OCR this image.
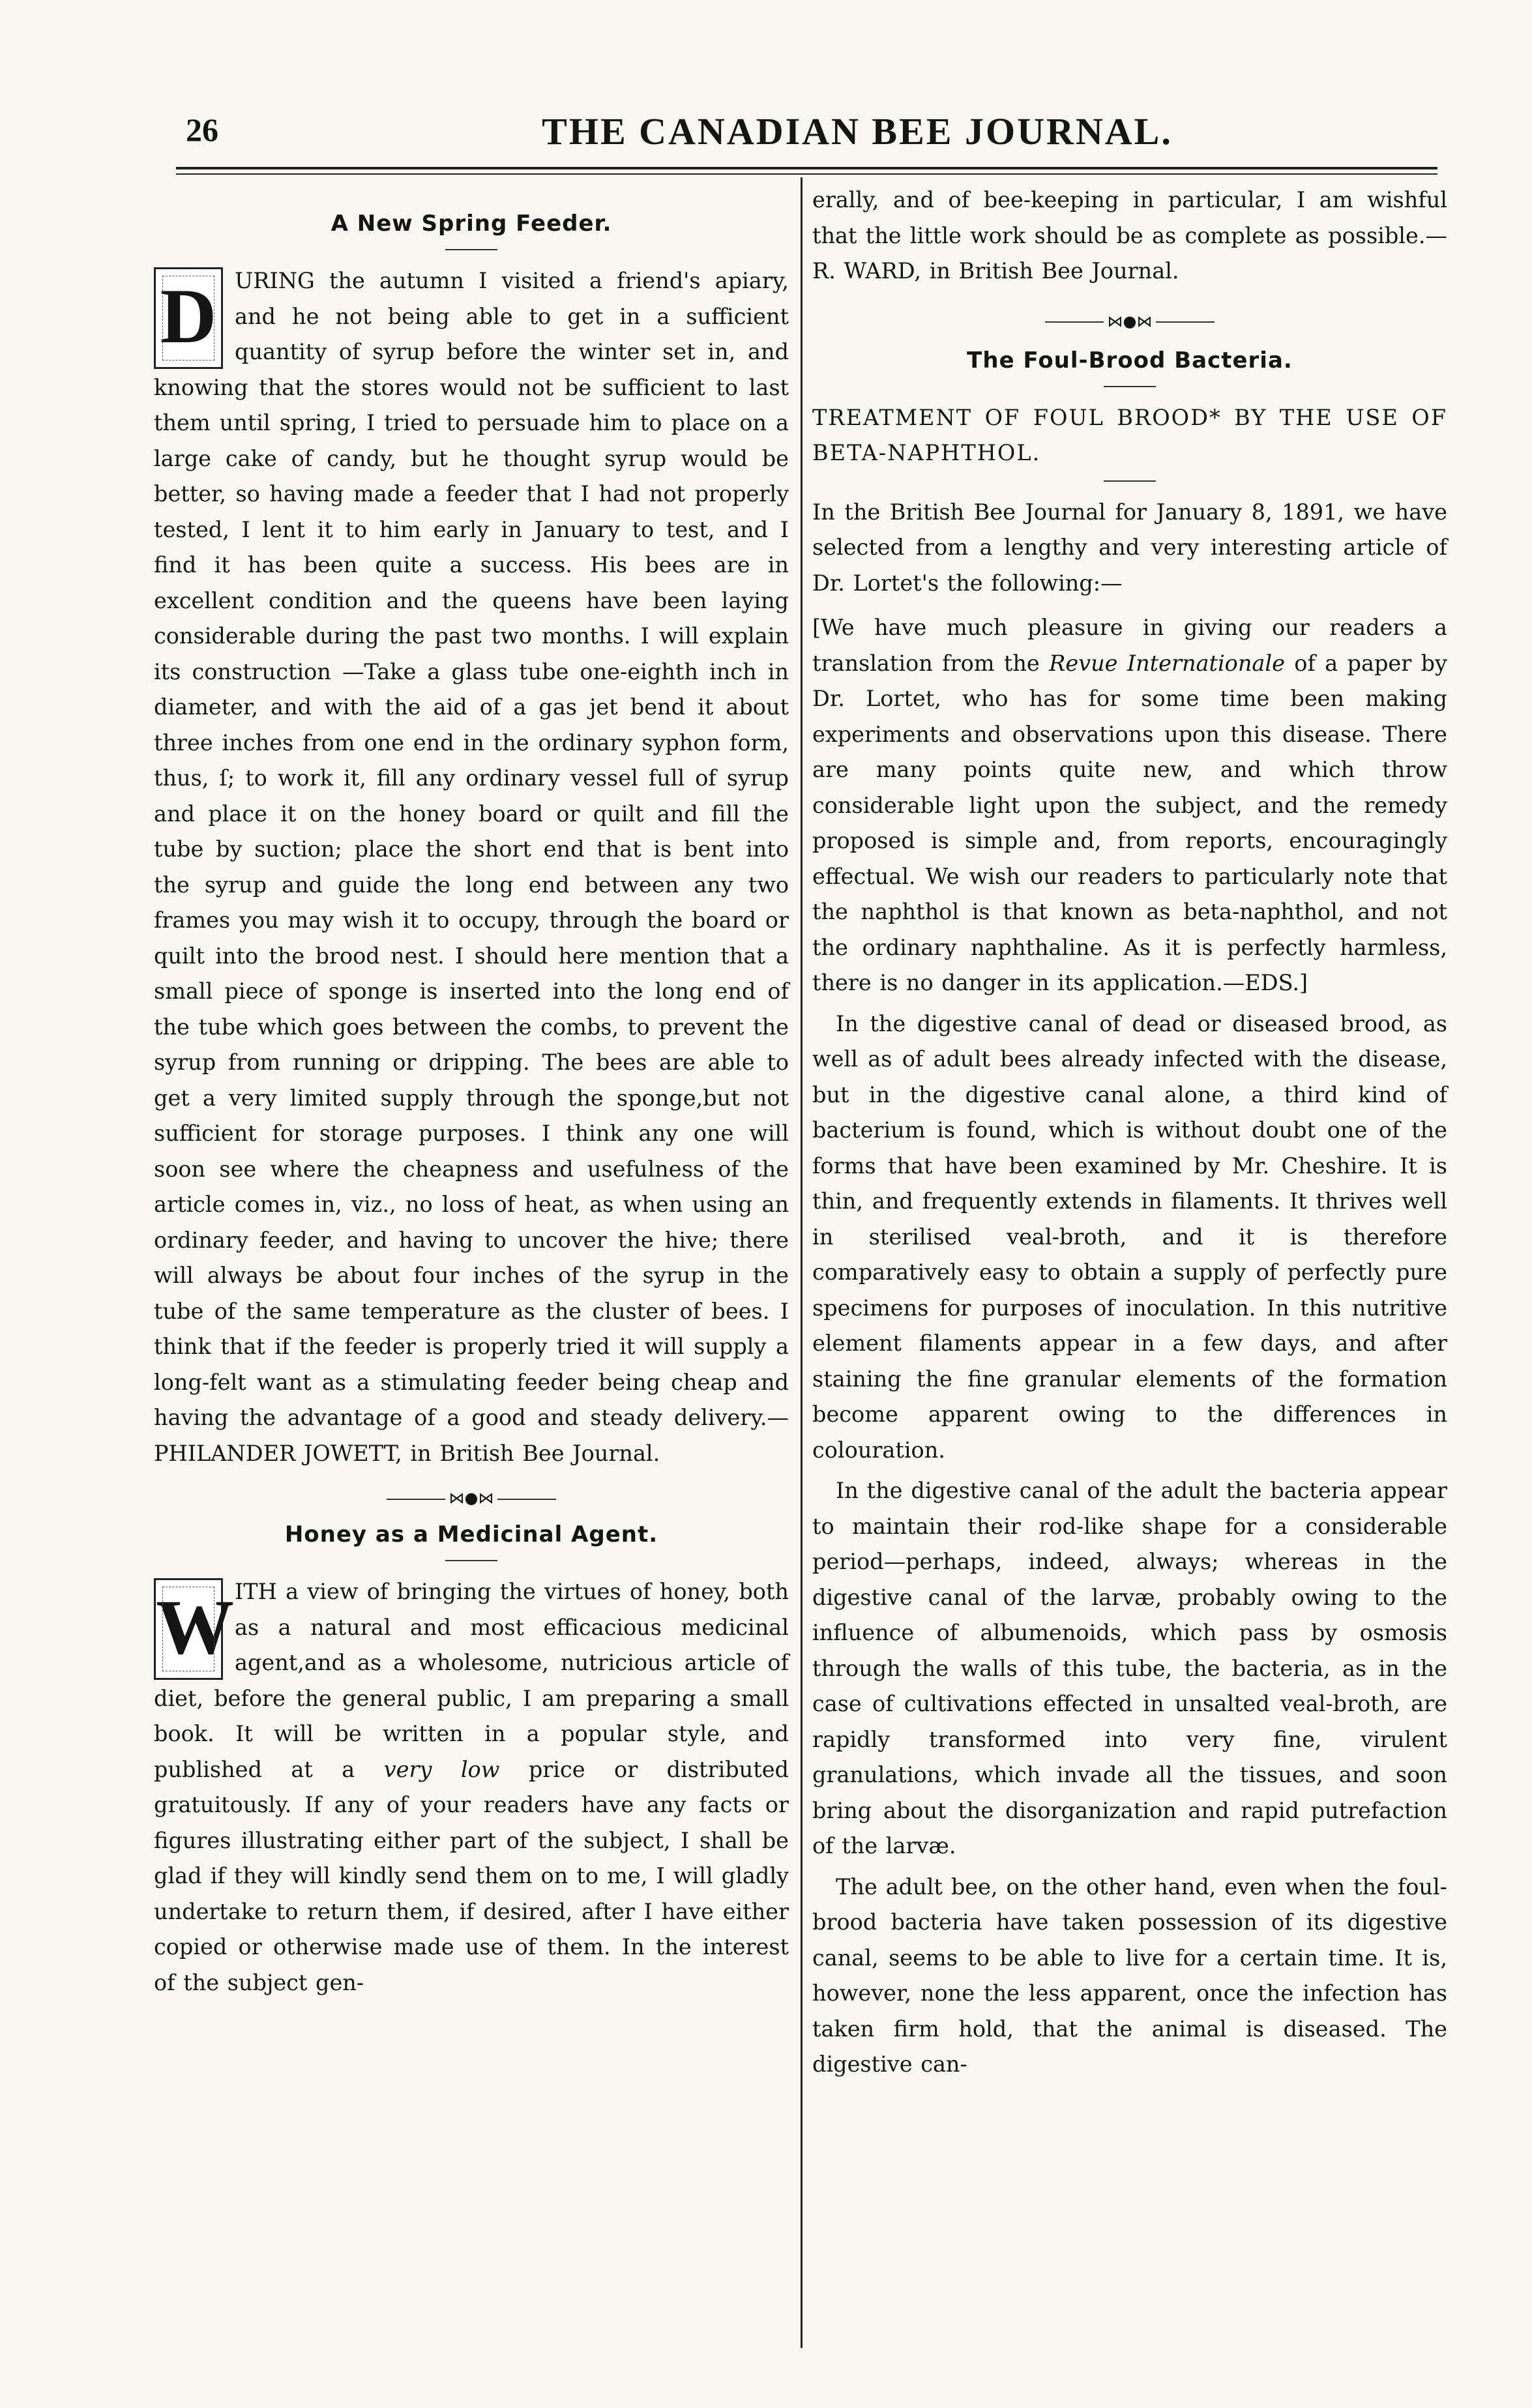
26	THE CANADIAN BEE JOURNAL.
A New Spring Feeder.
D URING the autumn I visited a friend's apiary, and he not being able to get in a sufficient quantity of syrup before the winter set in, and knowing that the stores would not be sufficient to last them until spring, I tried to persuade him to place on a large cake of candy, but he thought syrup would be better, so having made a feeder that I had not properly tested, I lent it to him early in January to test, and I find it has been quite a success. His bees are in excellent condition and the queens have been laying considerable during the past two months. I will explain its construction —Take a glass tube one-eighth inch in diameter, and with the aid of a gas jet bend it about three inches from one end in the ordinary syphon form, thus, ſ; to work it, fill any ordinary vessel full of syrup and place it on the honey board or quilt and fill the tube by suction; place the short end that is bent into the syrup and guide the long end between any two frames you may wish it to occupy, through the board or quilt into the brood nest. I should here mention that a small piece of sponge is inserted into the long end of the tube which goes between the combs, to prevent the syrup from running or dripping. The bees are able to get a very limited supply through the sponge,but not sufficient for storage purposes. I think any one will soon see where the cheapness and usefulness of the article comes in, viz., no loss of heat, as when using an ordinary feeder, and having to uncover the hive; there will always be about four inches of the syrup in the tube of the same temperature as the cluster of bees. I think that if the feeder is properly tried it will supply a long-felt want as a stimulating feeder being cheap and having the advantage of a good and steady delivery.—PHILANDER JOWETT, in British Bee Journal.

⋈●⋈
Honey as a Medicinal Agent.
W ITH a view of bringing the virtues of honey, both as a natural and most efficacious medicinal agent,and as a wholesome, nutricious article of diet, before the general public, I am preparing a small book. It will be written in a popular style, and published at a very low price or distributed gratuitously. If any of your readers have any facts or figures illustrating either part of the subject, I shall be glad if they will kindly send them on to me, I will gladly undertake to return them, if desired, after I have either copied or otherwise made use of them. In the interest of the subject gen-

erally, and of bee-keeping in particular, I am wishful that the little work should be as complete as possible.—R. WARD, in British Bee Journal.

⋈●⋈
The Foul-Brood Bacteria.

TREATMENT OF FOUL BROOD* BY THE USE OF BETA-NAPHTHOL.

In the British Bee Journal for January 8, 1891, we have selected from a lengthy and very interesting article of Dr. Lortet's the following:—

[We have much pleasure in giving our readers a translation from the Revue Internationale of a paper by Dr. Lortet, who has for some time been making experiments and observations upon this disease. There are many points quite new, and which throw considerable light upon the subject, and the remedy proposed is simple and, from reports, encouragingly effectual. We wish our readers to particularly note that the naphthol is that known as beta-naphthol, and not the ordinary naphthaline. As it is perfectly harmless, there is no danger in its application.—EDS.]

In the digestive canal of dead or diseased brood, as well as of adult bees already infected with the disease, but in the digestive canal alone, a third kind of bacterium is found, which is without doubt one of the forms that have been examined by Mr. Cheshire. It is thin, and frequently extends in filaments. It thrives well in sterilised veal-broth, and it is therefore comparatively easy to obtain a supply of perfectly pure specimens for purposes of inoculation. In this nutritive element filaments appear in a few days, and after staining the fine granular elements of the formation become apparent owing to the differences in colouration.

In the digestive canal of the adult the bacteria appear to maintain their rod-like shape for a considerable period—perhaps, indeed, always; whereas in the digestive canal of the larvæ, probably owing to the influence of albumenoids, which pass by osmosis through the walls of this tube, the bacteria, as in the case of cultivations effected in unsalted veal-broth, are rapidly transformed into very fine, virulent granulations, which invade all the tissues, and soon bring about the disorganization and rapid putrefaction of the larvæ.

The adult bee, on the other hand, even when the foul-brood bacteria have taken possession of its digestive canal, seems to be able to live for a certain time. It is, however, none the less apparent, once the infection has taken firm hold, that the animal is diseased. The digestive can-
